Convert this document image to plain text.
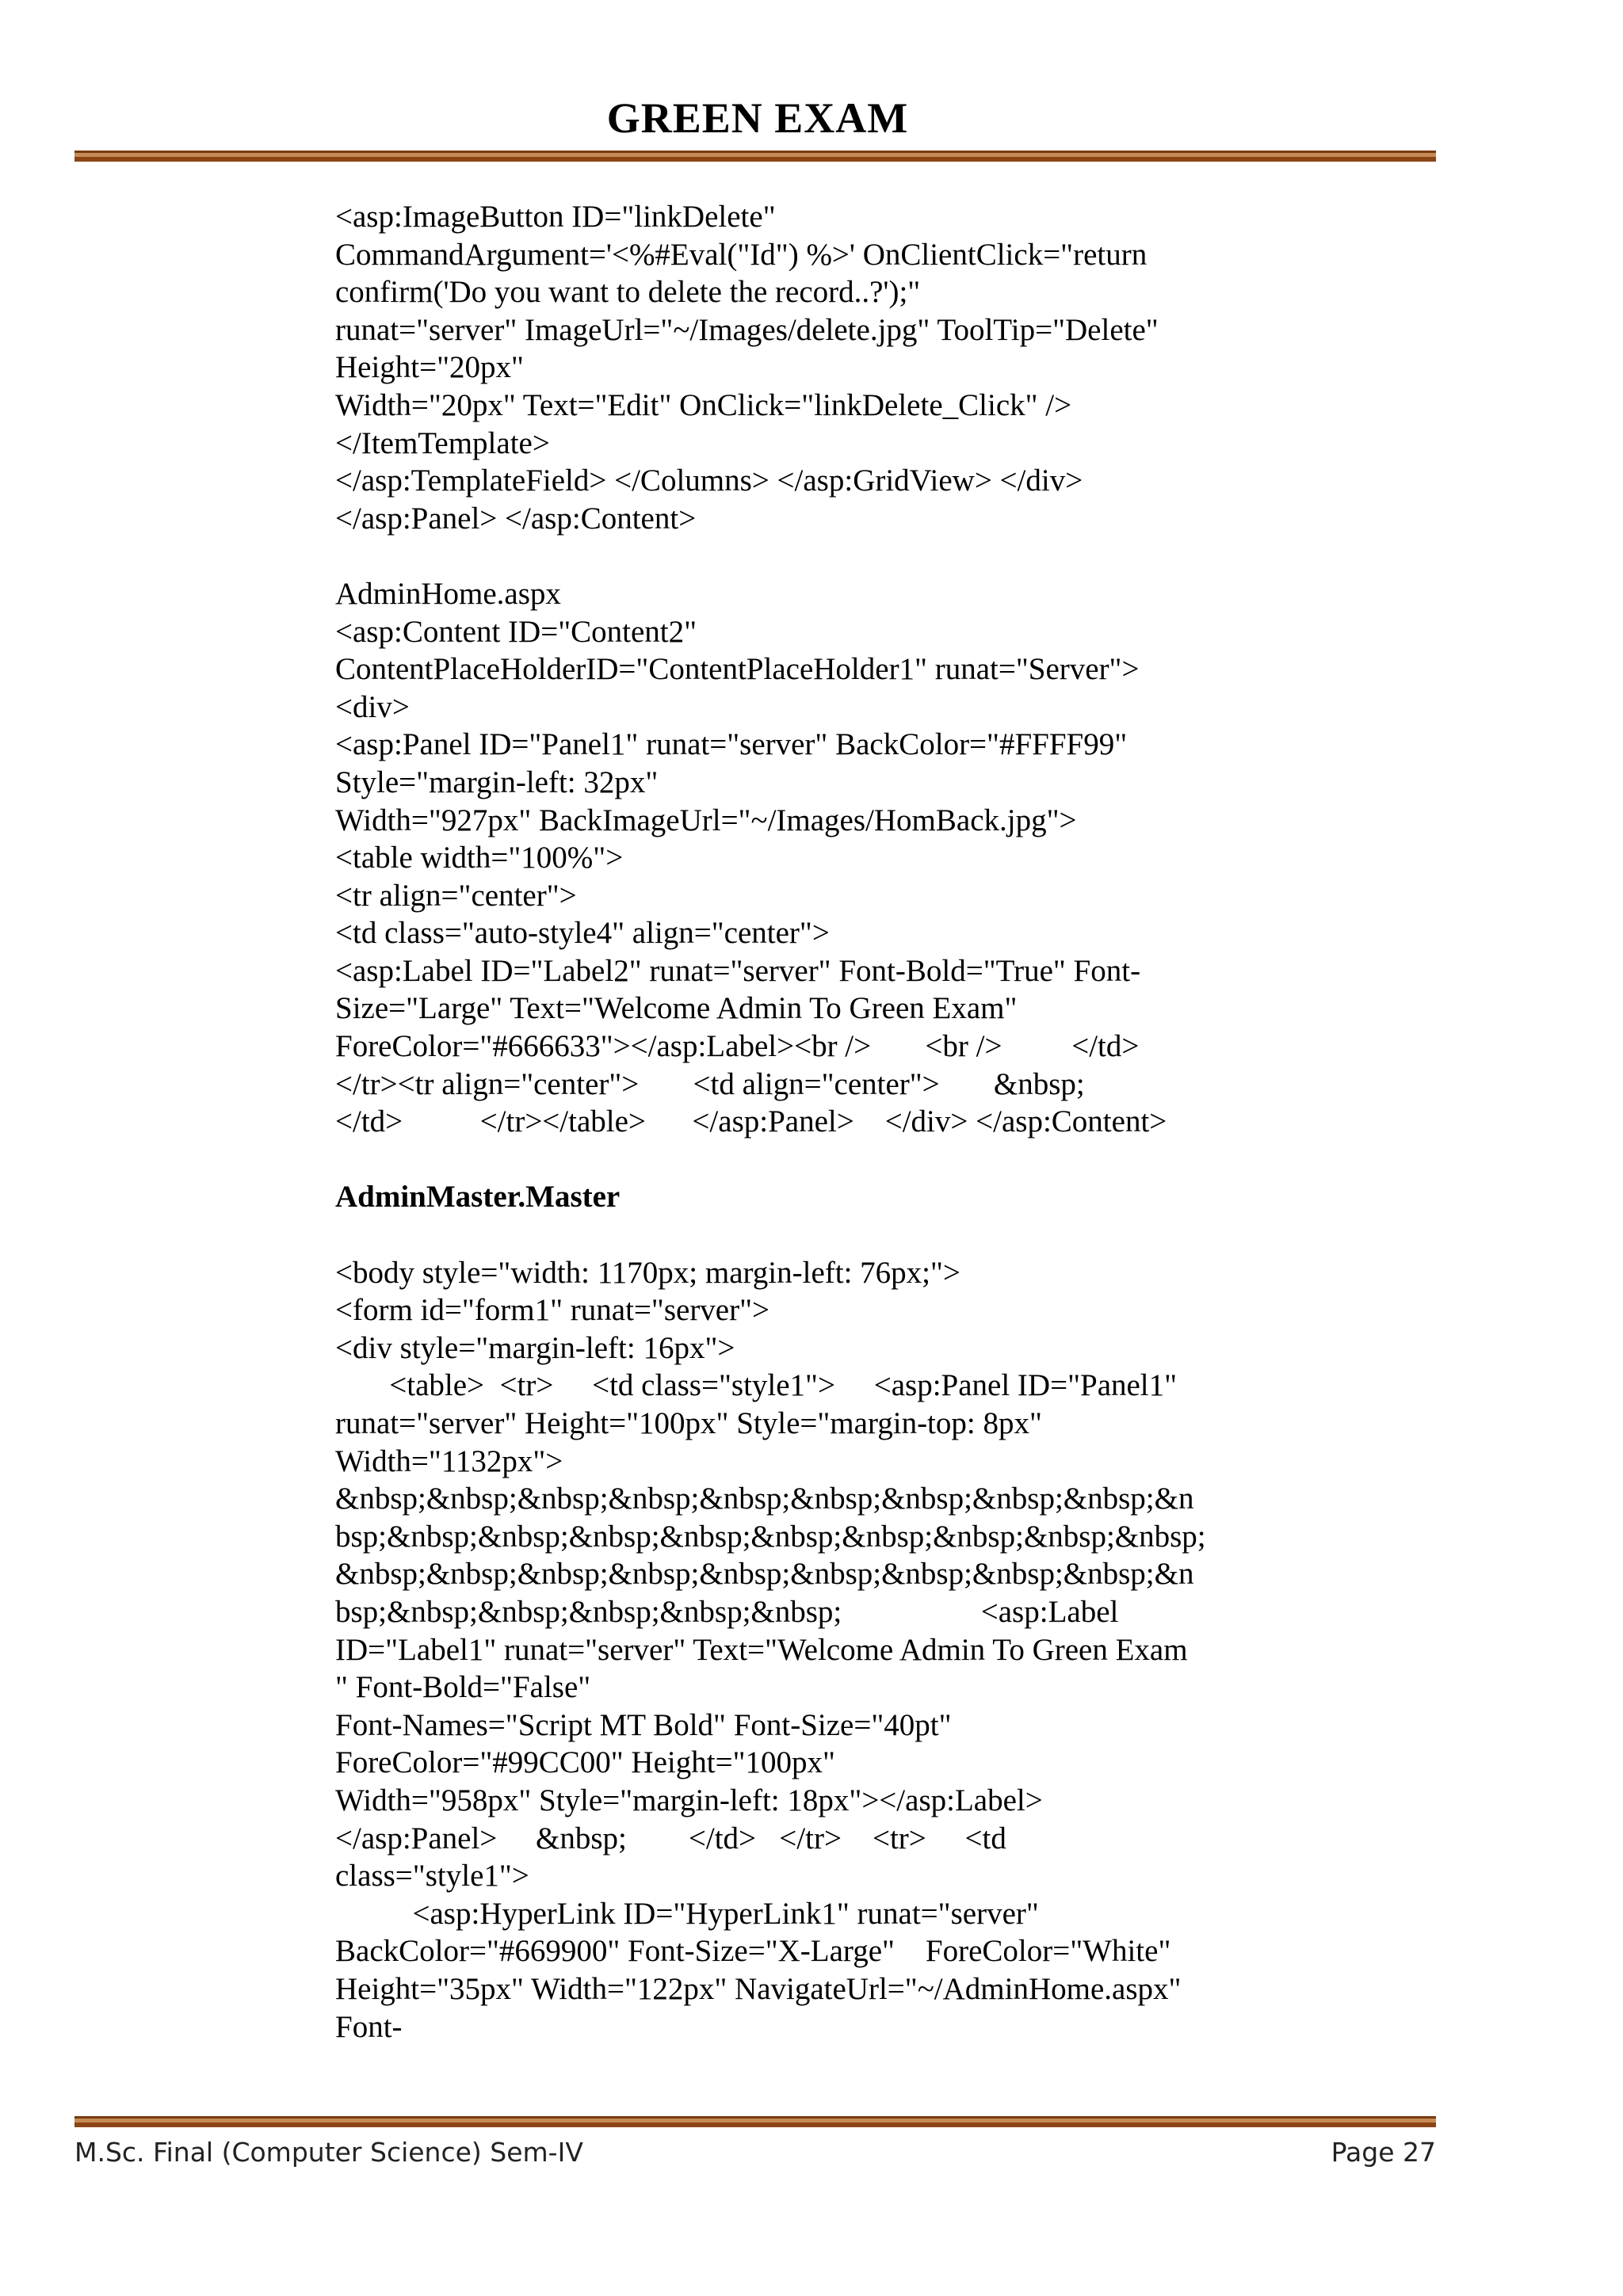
GREEN EXAM
<asp:ImageButton ID="linkDelete"
CommandArgument='<%#Eval("Id") %>' OnClientClick="return
confirm('Do you want to delete the record..?');"
runat="server" ImageUrl="~/Images/delete.jpg" ToolTip="Delete"
Height="20px"
Width="20px" Text="Edit" OnClick="linkDelete_Click" />
</ItemTemplate>
</asp:TemplateField> </Columns> </asp:GridView> </div>
</asp:Panel> </asp:Content>
AdminHome.aspx
<asp:Content ID="Content2"
ContentPlaceHolderID="ContentPlaceHolder1" runat="Server">
<div>
<asp:Panel ID="Panel1" runat="server" BackColor="#FFFF99"
Style="margin-left: 32px"
Width="927px" BackImageUrl="~/Images/HomBack.jpg">
<table width="100%">
<tr align="center">
<td class="auto-style4" align="center">
<asp:Label ID="Label2" runat="server" Font-Bold="True" Font-
Size="Large" Text="Welcome Admin To Green Exam"
ForeColor="#666633"></asp:Label><br />       <br />         </td>
</tr><tr align="center">       <td align="center">       &nbsp;
</td>          </tr></table>      </asp:Panel>    </div> </asp:Content>
AdminMaster.Master
<body style="width: 1170px; margin-left: 76px;">
<form id="form1" runat="server">
<div style="margin-left: 16px">
<table>  <tr>     <td class="style1">     <asp:Panel ID="Panel1"
runat="server" Height="100px" Style="margin-top: 8px"
Width="1132px">
&nbsp;&nbsp;&nbsp;&nbsp;&nbsp;&nbsp;&nbsp;&nbsp;&nbsp;&n
bsp;&nbsp;&nbsp;&nbsp;&nbsp;&nbsp;&nbsp;&nbsp;&nbsp;&nbsp;
&nbsp;&nbsp;&nbsp;&nbsp;&nbsp;&nbsp;&nbsp;&nbsp;&nbsp;&n
bsp;&nbsp;&nbsp;&nbsp;&nbsp;&nbsp;                  <asp:Label
ID="Label1" runat="server" Text="Welcome Admin To Green Exam
" Font-Bold="False"
Font-Names="Script MT Bold" Font-Size="40pt"
ForeColor="#99CC00" Height="100px"
Width="958px" Style="margin-left: 18px"></asp:Label>
</asp:Panel>     &nbsp;        </td>   </tr>    <tr>     <td
class="style1">
<asp:HyperLink ID="HyperLink1" runat="server"
BackColor="#669900" Font-Size="X-Large"    ForeColor="White"
Height="35px" Width="122px" NavigateUrl="~/AdminHome.aspx"
Font-
M.Sc. Final (Computer Science) Sem-IV	Page 27
